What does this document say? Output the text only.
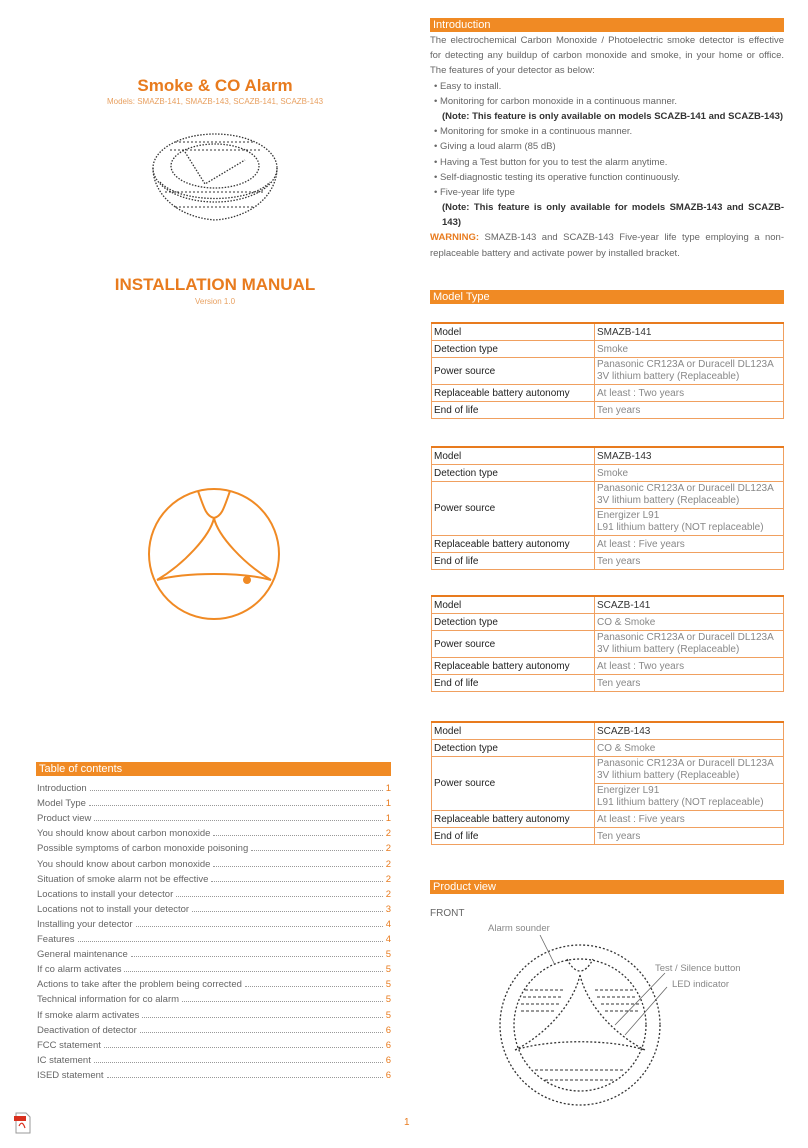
Smoke & CO Alarm
Models: SMAZB-141, SMAZB-143, SCAZB-141, SCAZB-143
INSTALLATION MANUAL
Version 1.0
Table of contents
Introduction	1
Model Type	1
Product view	1
You should know about carbon monoxide	2
Possible symptoms of carbon monoxide poisoning	2
You should know about carbon monoxide	2
Situation of smoke alarm not be effective	2
Locations to install your detector	2
Locations not to install your detector	3
Installing your detector	4
Features	4
General maintenance	5
If co alarm activates	5
Actions to take after the problem being corrected	5
Technical information for co alarm	5
If smoke alarm activates	5
Deactivation of detector	6
FCC statement	6
IC statement	6
ISED statement	6
Introduction

The electrochemical Carbon Monoxide / Photoelectric smoke detector is effective for detecting any buildup of carbon monoxide and smoke, in your home or office. The features of your detector as below:

• Easy to install.

• Monitoring for carbon monoxide in a continuous manner.

(Note: This feature is only available on models SCAZB-141 and SCAZB-143)

• Monitoring for smoke in a continuous manner.

• Giving a loud alarm (85 dB)

• Having a Test button for you to test the alarm anytime.

• Self-diagnostic testing its operative function continuously.

• Five-year life type

(Note: This feature is only available for models SMAZB-143 and SCAZB-143)

WARNING: SMAZB-143 and SCAZB-143 Five-year life type employing a non-replaceable battery and activate power by installed bracket.
Model Type
Model	SMAZB-141
Detection type	Smoke
Power source	Panasonic CR123A or Duracell DL123A
3V lithium battery (Replaceable)

Replaceable battery autonomy	At least : Two years
End of life	Ten years
Model	SMAZB-143
Detection type	Smoke
Power source	Panasonic CR123A or Duracell DL123A
3V lithium battery (Replaceable)

	Energizer L91
L91 lithium battery (NOT replaceable)

Replaceable battery autonomy	At least : Five years
End of life	Ten years
Model	SCAZB-141
Detection type	CO & Smoke
Power source	Panasonic CR123A or Duracell DL123A
3V lithium battery (Replaceable)

Replaceable battery autonomy	At least : Two years
End of life	Ten years
Model	SCAZB-143
Detection type	CO & Smoke
Power source	Panasonic CR123A or Duracell DL123A
3V lithium battery (Replaceable)

	Energizer L91
L91 lithium battery (NOT replaceable)

Replaceable battery autonomy	At least : Five years
End of life	Ten years
Product view
FRONT
Alarm sounder
Test / Silence button
LED indicator
1
